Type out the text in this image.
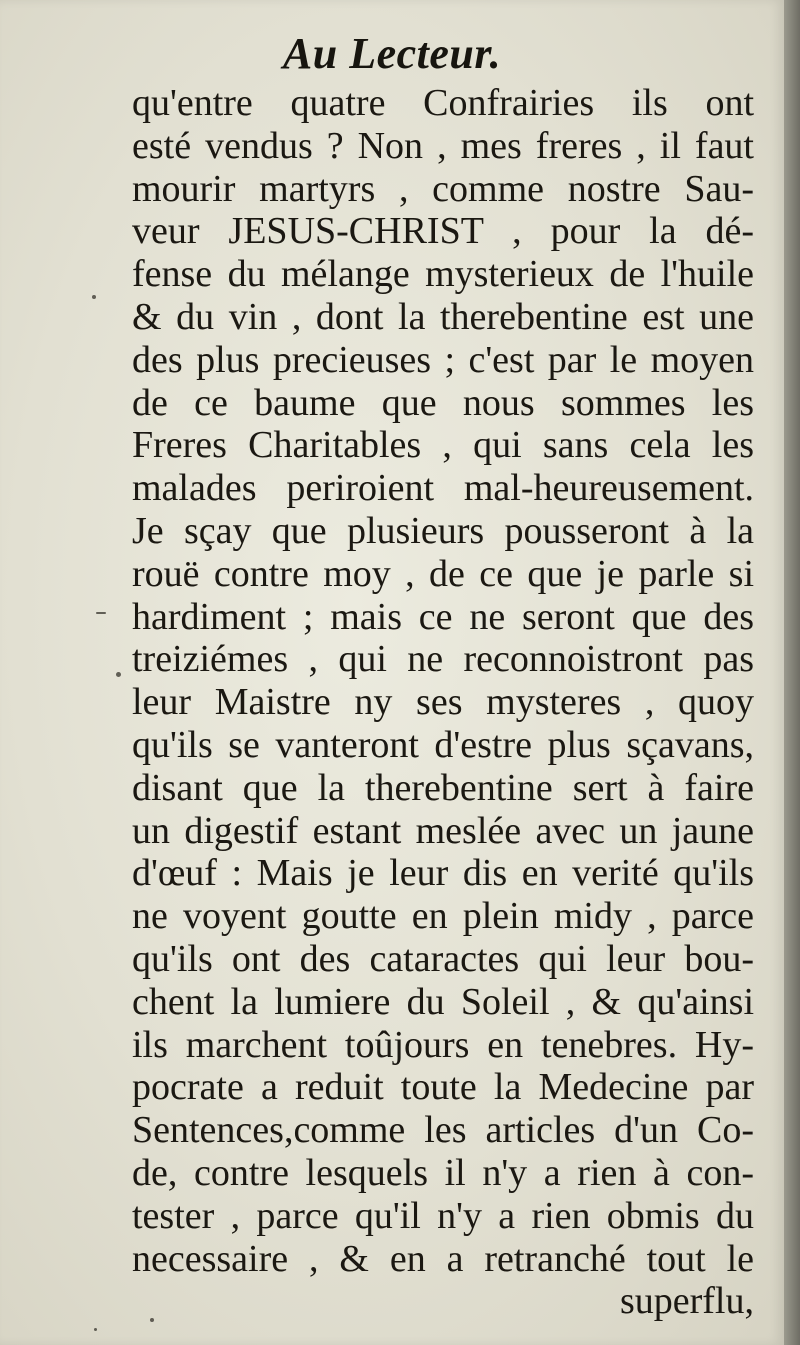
Au Lecteur.
qu'entre quatre Confrairies ils ont
esté vendus ? Non , mes freres , il faut
mourir martyrs , comme nostre Sau-
veur JESUS-CHRIST , pour la dé-
fense du mélange mysterieux de l'huile
& du vin , dont la therebentine est une
des plus precieuses ; c'est par le moyen
de ce baume que nous sommes les
Freres Charitables , qui sans cela les
malades periroient mal-heureusement.
Je sçay que plusieurs pousseront à la
rouë contre moy , de ce que je parle si
hardiment ; mais ce ne seront que des
treiziémes , qui ne reconnoistront pas
leur Maistre ny ses mysteres , quoy
qu'ils se vanteront d'estre plus sçavans,
disant que la therebentine sert à faire
un digestif estant meslée avec un jaune
d'œuf : Mais je leur dis en verité qu'ils
ne voyent goutte en plein midy , parce
qu'ils ont des cataractes qui leur bou-
chent la lumiere du Soleil , & qu'ainsi
ils marchent toûjours en tenebres. Hy-
pocrate a reduit toute la Medecine par
Sentences,comme les articles d'un Co-
de, contre lesquels il n'y a rien à con-
tester , parce qu'il n'y a rien obmis du
necessaire , & en a retranché tout le
superflu,
